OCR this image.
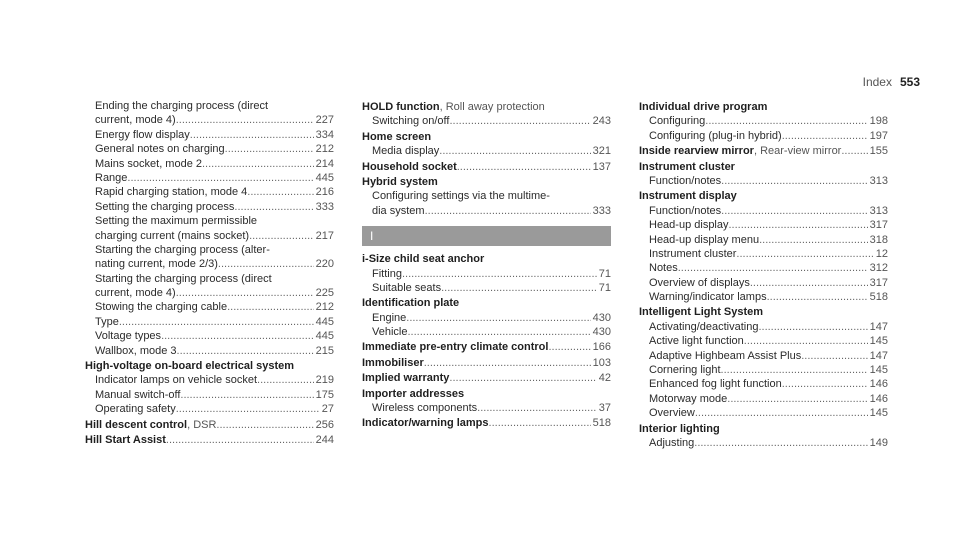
Index 553
Ending the charging process (direct
current, mode 4) .....	227
Energy flow display .....	334
General notes on charging .....	212
Mains socket, mode 2 .....	214
Range .....	445
Rapid charging station, mode 4 .....	216
Setting the charging process .....	333
Setting the maximum permissible
charging current (mains socket) .....	217
Starting the charging process (alter-
nating current, mode 2/3) .....	220
Starting the charging process (direct
current, mode 4) .....	225
Stowing the charging cable .....	212
Type .....	445
Voltage types .....	445
Wallbox, mode 3 .....	215
High-voltage on-board electrical system
Indicator lamps on vehicle socket .....	219
Manual switch-off .....	175
Operating safety .....	27
Hill descent control , DSR .....	256
Hill Start Assist .....	244
HOLD function , Roll away protection
Switching on/off .....	243
Home screen
Media display .....	321
Household socket .....	137
Hybrid system
Configuring settings via the multime-
dia system .....	333
I
i-Size child seat anchor
Fitting .....	71
Suitable seats .....	71
Identification plate
Engine .....	430
Vehicle .....	430
Immediate pre-entry climate control .....	166
Immobiliser .....	103
Implied warranty .....	42
Importer addresses
Wireless components .....	37
Indicator/warning lamps .....	518
Individual drive program
Configuring .....	198
Configuring (plug-in hybrid) .....	197
Inside rearview mirror , Rear-view mirror .....	155
Instrument cluster
Function/notes .....	313
Instrument display
Function/notes .....	313
Head-up display .....	317
Head-up display menu .....	318
Instrument cluster .....	12
Notes .....	312
Overview of displays .....	317
Warning/indicator lamps .....	518
Intelligent Light System
Activating/deactivating .....	147
Active light function .....	145
Adaptive Highbeam Assist Plus .....	147
Cornering light .....	145
Enhanced fog light function .....	146
Motorway mode .....	146
Overview .....	145
Interior lighting
Adjusting .....	149
